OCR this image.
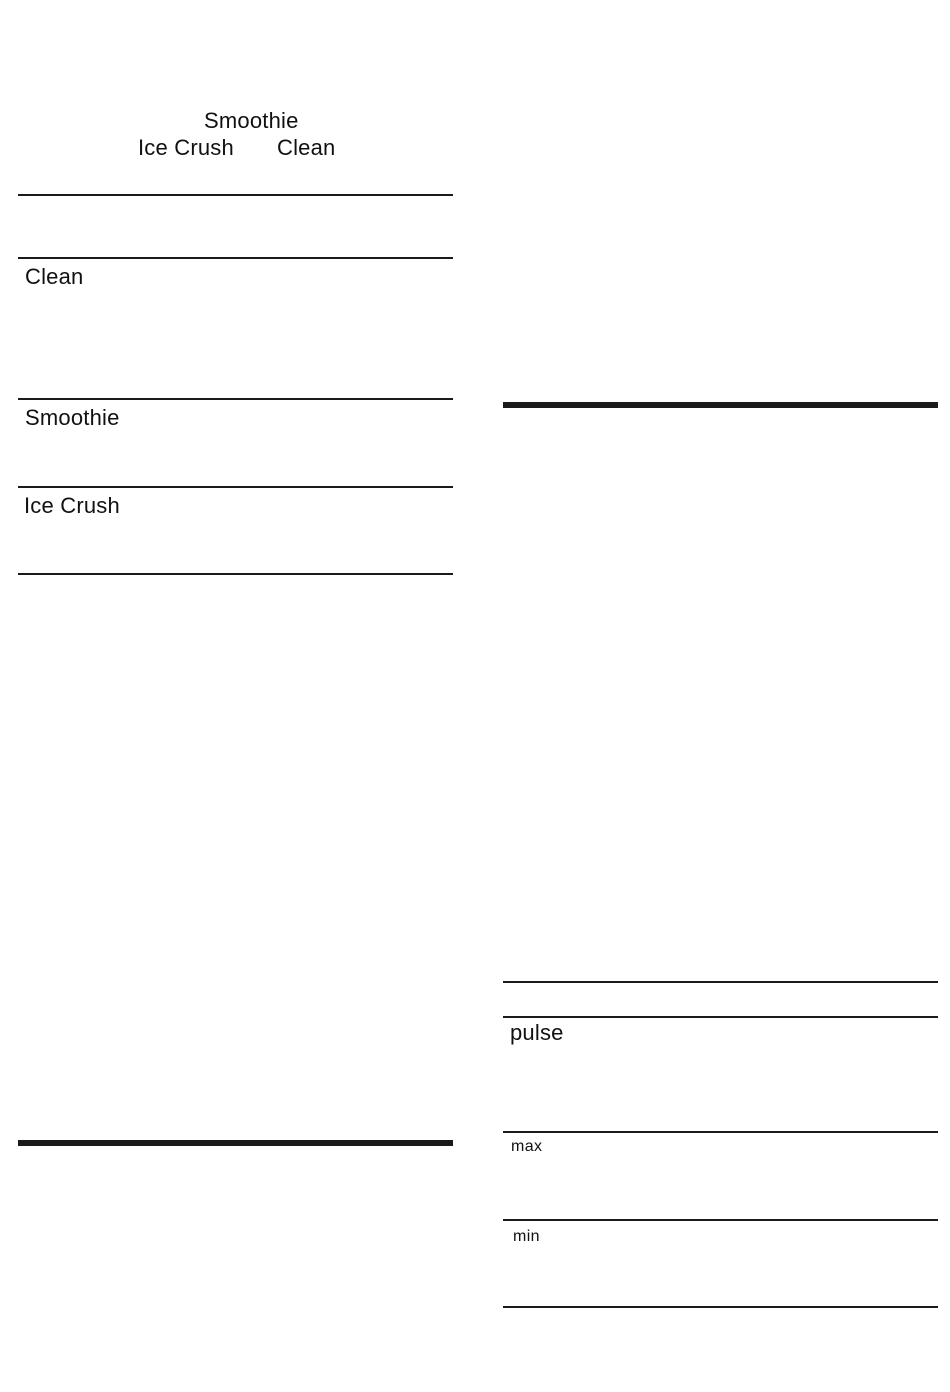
Smoothie
Ice Crush Clean
Clean
Smoothie
Ice Crush
pulse
max
min
